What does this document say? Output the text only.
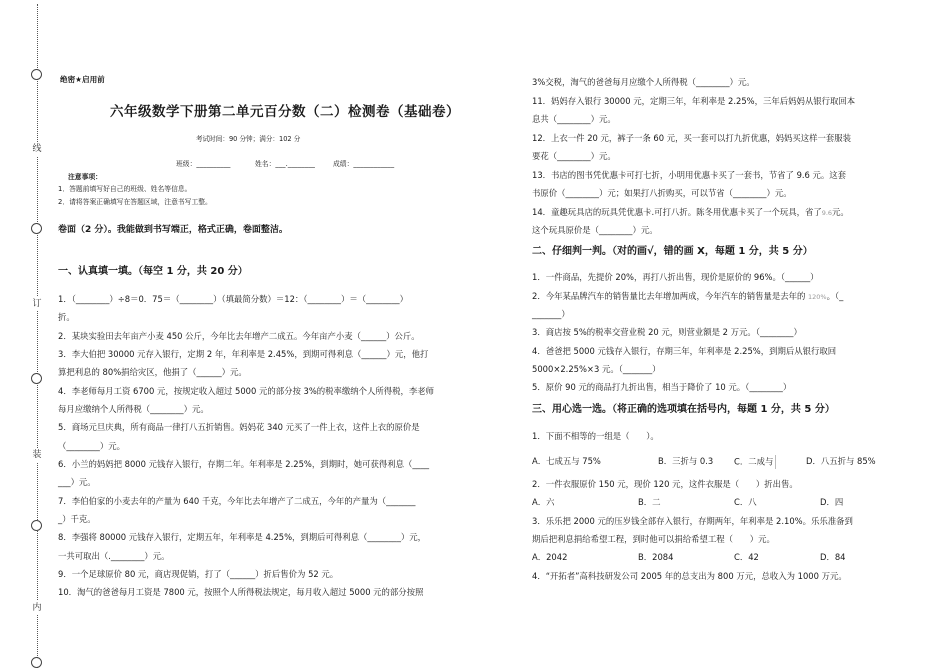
线
订
装
内
绝密★启用前
六年级数学下册第二单元百分数（二）检测卷（基础卷）
考试时间：90 分钟；满分：102 分
班级：__________	姓名：___.________	成绩：____________
注意事项：
1．答题前填写好自己的班级、姓名等信息。
2．请将答案正确填写在答题区域，注意书写工整。
卷面（2 分）。我能做到书写端正，格式正确，卷面整洁。
一、认真填一填。（每空 1 分，共 20 分）
1．（________）÷8＝0．75＝（________）（填最简分数）＝12：（________）＝（________）
折。
2．某块实验田去年亩产小麦 450 公斤，今年比去年增产二成五。今年亩产小麦（______）公斤。
3．李大伯把 30000 元存入银行，定期 2 年，年利率是 2.45%，到期可得利息（______）元，他打
算把利息的 80%捐给灾区，他捐了（______）元。
4．李老师每月工资 6700 元，按规定收入超过 5000 元的部分按 3%的税率缴纳个人所得税，李老师
每月应缴纳个人所得税（________）元。
5．商场元旦庆典，所有商品一律打八五折销售。妈妈花 340 元买了一件上衣，这件上衣的原价是
（________）元。
6．小兰的妈妈把 8000 元钱存入银行，存期二年。年利率是 2.25%，到期时，她可获得利息（____
___）元。
7．李伯伯家的小麦去年的产量为 640 千克，今年比去年增产了二成五，今年的产量为（_______
_）千克。
8．李强将 80000 元钱存入银行，定期五年，年利率是 4.25%，到期后可得利息（________）元，
一共可取出（.________）元。
9．一个足球原价 80 元，商店现促销，打了（______）折后售价为 52 元。
10．淘气的爸爸每月工资是 7800 元，按照个人所得税法规定，每月收入超过 5000 元的部分按照
3%交税，淘气的爸爸每月应缴个人所得税（________）元。
11．妈妈存入银行 30000 元，定期三年，年利率是 2.25%，三年后妈妈从银行取回本
息共（________）元。
12．上衣一件 20 元，裤子一条 60 元，买一套可以打九折优惠，妈妈买这样一套服装
要花（________）元。
13．书店的图书凭优惠卡可打七折，小明用优惠卡买了一套书，节省了 9.6 元。这套
书原价（________）元；如果打八折购买，可以节省（________）元。
14．童趣玩具店的玩具凭优惠卡.可打八折。陈冬用优惠卡买了一个玩具，省了9.6元。
这个玩具原价是（________）元。
二、仔细判一判。（对的画√，错的画 X，每题 1 分，共 5 分）
1．一件商品，先提价 20%，再打八折出售，现价是原价的 96%。（______）
2．今年某品牌汽车的销售量比去年增加两成，今年汽车的销售量是去年的 120%。（_
_______）
3．商店按 5%的税率交营业税 20 元，则营业额是 2 万元。（________）
4．爸爸把 5000 元钱存入银行，存期三年，年利率是 2.25%，到期后从银行取回
5000×2.25%×3 元。（_______）
5．原价 90 元的商品打九折出售，相当于降价了 10 元。（________）
三、用心选一选。（将正确的选项填在括号内，每题 1 分，共 5 分）
1．下面不相等的一组是（　　）。
A．七成五与 75%	B．三折与 0.3 C．二成与	D．八五折与 85%
2．一件衣服原价 150 元，现价 120 元，这件衣服是（　　）折出售。
A．六	B．二	C．八	D．四
3．乐乐把 2000 元的压岁钱全部存入银行，存期两年，年利率是 2.10%。乐乐准备到
期后把利息捐给希望工程，到时他可以捐给希望工程（　　）元。
A．2042	B．2084	C．42	D．84
4．“开拓者”高科技研发公司 2005 年的总支出为 800 万元，总收入为 1000 万元。
